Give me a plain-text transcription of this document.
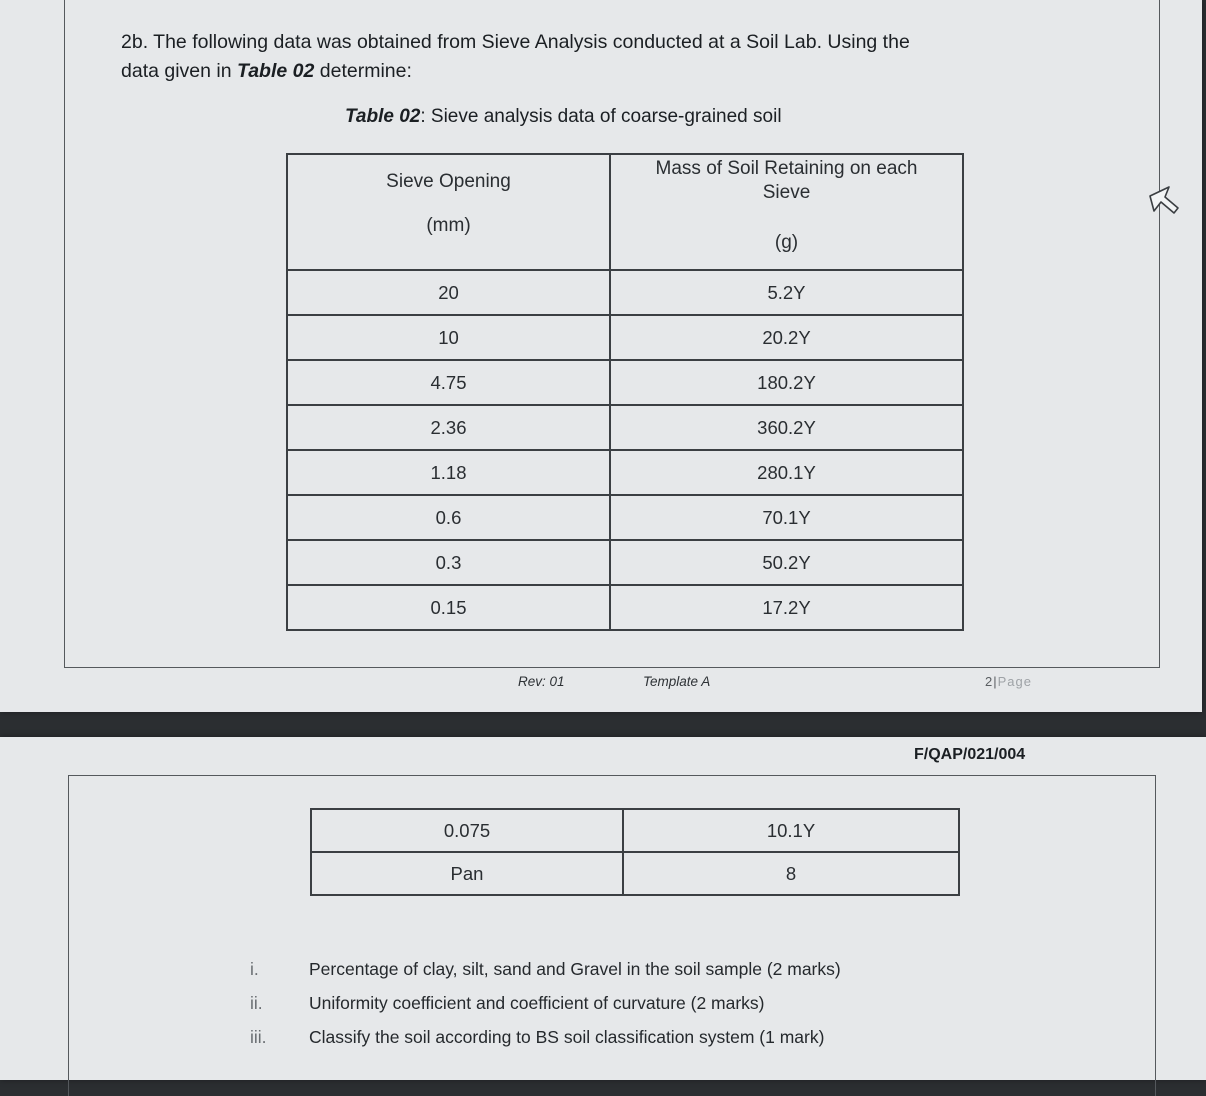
2b. The following data was obtained from Sieve Analysis conducted at a Soil Lab. Using the
data given in Table 02 determine:
Table 02: Sieve analysis data of coarse-grained soil
Sieve Opening
(mm)	Mass of Soil Retaining on each
Sieve
(g)

20	5.2Y
10	20.2Y
4.75	180.2Y
2.36	360.2Y
1.18	280.1Y
0.6	70.1Y
0.3	50.2Y
0.15	17.2Y
Rev: 01	Template A	2|Page
F/QAP/021/004
0.075	10.1Y
Pan	8
i.	Percentage of clay, silt, sand and Gravel in the soil sample (2 marks)
ii.	Uniformity coefficient and coefficient of curvature (2 marks)
iii.	Classify the soil according to BS soil classification system (1 mark)
